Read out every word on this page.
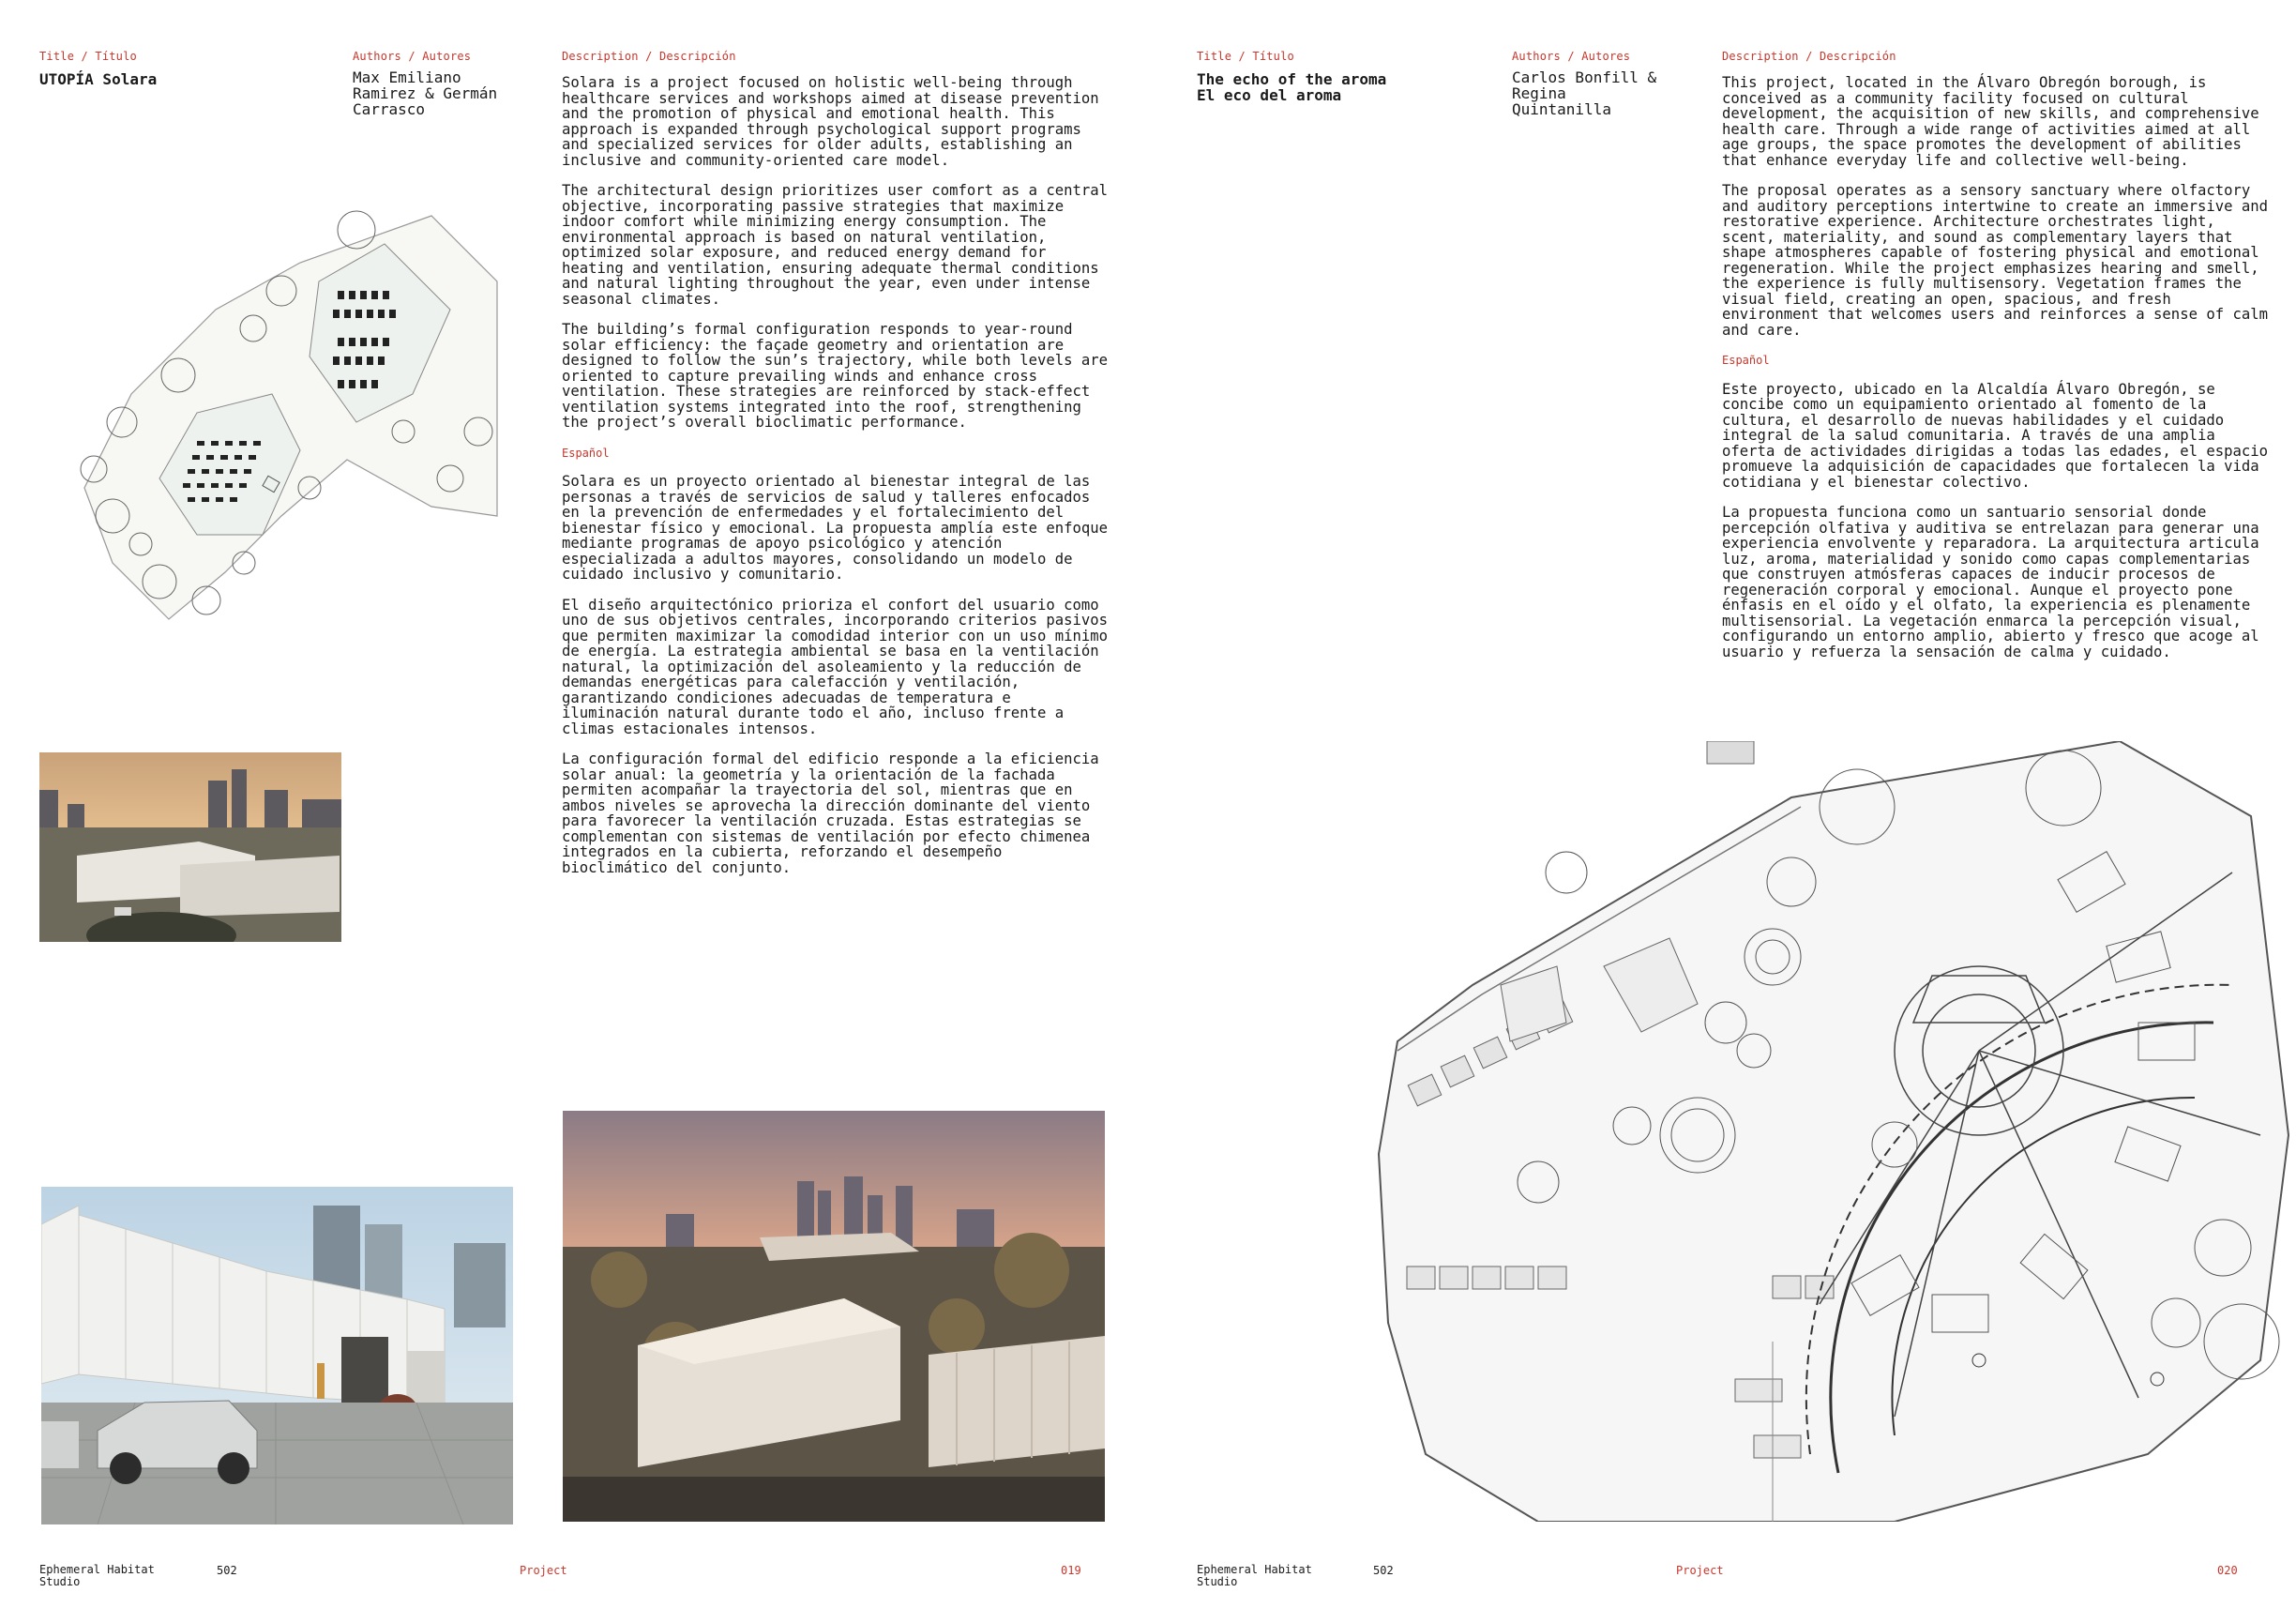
Title / Título	Authors / Autores	Description / Descripción
UTOPÍA Solara	Max Emiliano
Ramirez & Germán
Carrasco

Solara is a project focused on holistic well-being through healthcare services and workshops aimed at disease prevention and the promotion of physical and emotional health. This approach is expanded through psychological support programs and specialized services for older adults, establishing an inclusive and community-oriented care model.

The architectural design prioritizes user comfort as a central objective, incorporating passive strategies that maximize indoor comfort while minimizing energy consumption. The environmental approach is based on natural ventilation, optimized solar exposure, and reduced energy demand for heating and ventilation, ensuring adequate thermal conditions and natural lighting throughout the year, even under intense seasonal climates.

The building’s formal configuration responds to year-round solar efficiency: the façade geometry and orientation are designed to follow the sun’s trajectory, while both levels are oriented to capture prevailing winds and enhance cross ventilation. These strategies are reinforced by stack-effect ventilation systems integrated into the roof, strengthening the project’s overall bioclimatic performance.

Español

Solara es un proyecto orientado al bienestar integral de las personas a través de servicios de salud y talleres enfocados en la prevención de enfermedades y el fortalecimiento del bienestar físico y emocional. La propuesta amplía este enfoque mediante programas de apoyo psicológico y atención especializada a adultos mayores, consolidando un modelo de cuidado inclusivo y comunitario.

El diseño arquitectónico prioriza el confort del usuario como uno de sus objetivos centrales, incorporando criterios pasivos que permiten maximizar la comodidad interior con un uso mínimo de energía. La estrategia ambiental se basa en la ventilación natural, la optimización del asoleamiento y la reducción de demandas energéticas para calefacción y ventilación, garantizando condiciones adecuadas de temperatura e iluminación natural durante todo el año, incluso frente a climas estacionales intensos.

La configuración formal del edificio responde a la eficiencia solar anual: la geometría y la orientación de la fachada permiten acompañar la trayectoria del sol, mientras que en ambos niveles se aprovecha la dirección dominante del viento para favorecer la ventilación cruzada. Estas estrategias se complementan con sistemas de ventilación por efecto chimenea integrados en la cubierta, reforzando el desempeño bioclimático del conjunto.

Ephemeral Habitat
Studio
502	Project	019
Title / Título	Authors / Autores	Description / Descripción
The echo of the aroma
El eco del aroma
Carlos Bonfill &
Regina
Quintanilla

This project, located in the Álvaro Obregón borough, is conceived as a community facility focused on cultural development, the acquisition of new skills, and comprehensive health care. Through a wide range of activities aimed at all age groups, the space promotes the development of abilities that enhance everyday life and collective well-being.

The proposal operates as a sensory sanctuary where olfactory and auditory perceptions intertwine to create an immersive and restorative experience. Architecture orchestrates light, scent, materiality, and sound as complementary layers that shape atmospheres capable of fostering physical and emotional regeneration. While the project emphasizes hearing and smell, the experience is fully multisensory. Vegetation frames the visual field, creating an open, spacious, and fresh environment that welcomes users and reinforces a sense of calm and care.

Español

Este proyecto, ubicado en la Alcaldía Álvaro Obregón, se concibe como un equipamiento orientado al fomento de la cultura, el desarrollo de nuevas habilidades y el cuidado integral de la salud comunitaria. A través de una amplia oferta de actividades dirigidas a todas las edades, el espacio promueve la adquisición de capacidades que fortalecen la vida cotidiana y el bienestar colectivo.

La propuesta funciona como un santuario sensorial donde percepción olfativa y auditiva se entrelazan para generar una experiencia envolvente y reparadora. La arquitectura articula luz, aroma, materialidad y sonido como capas complementarias que construyen atmósferas capaces de inducir procesos de regeneración corporal y emocional. Aunque el proyecto pone énfasis en el oído y el olfato, la experiencia es plenamente multisensorial. La vegetación enmarca la percepción visual, configurando un entorno amplio, abierto y fresco que acoge al usuario y refuerza la sensación de calma y cuidado.

Ephemeral Habitat
Studio
502	Project	020
